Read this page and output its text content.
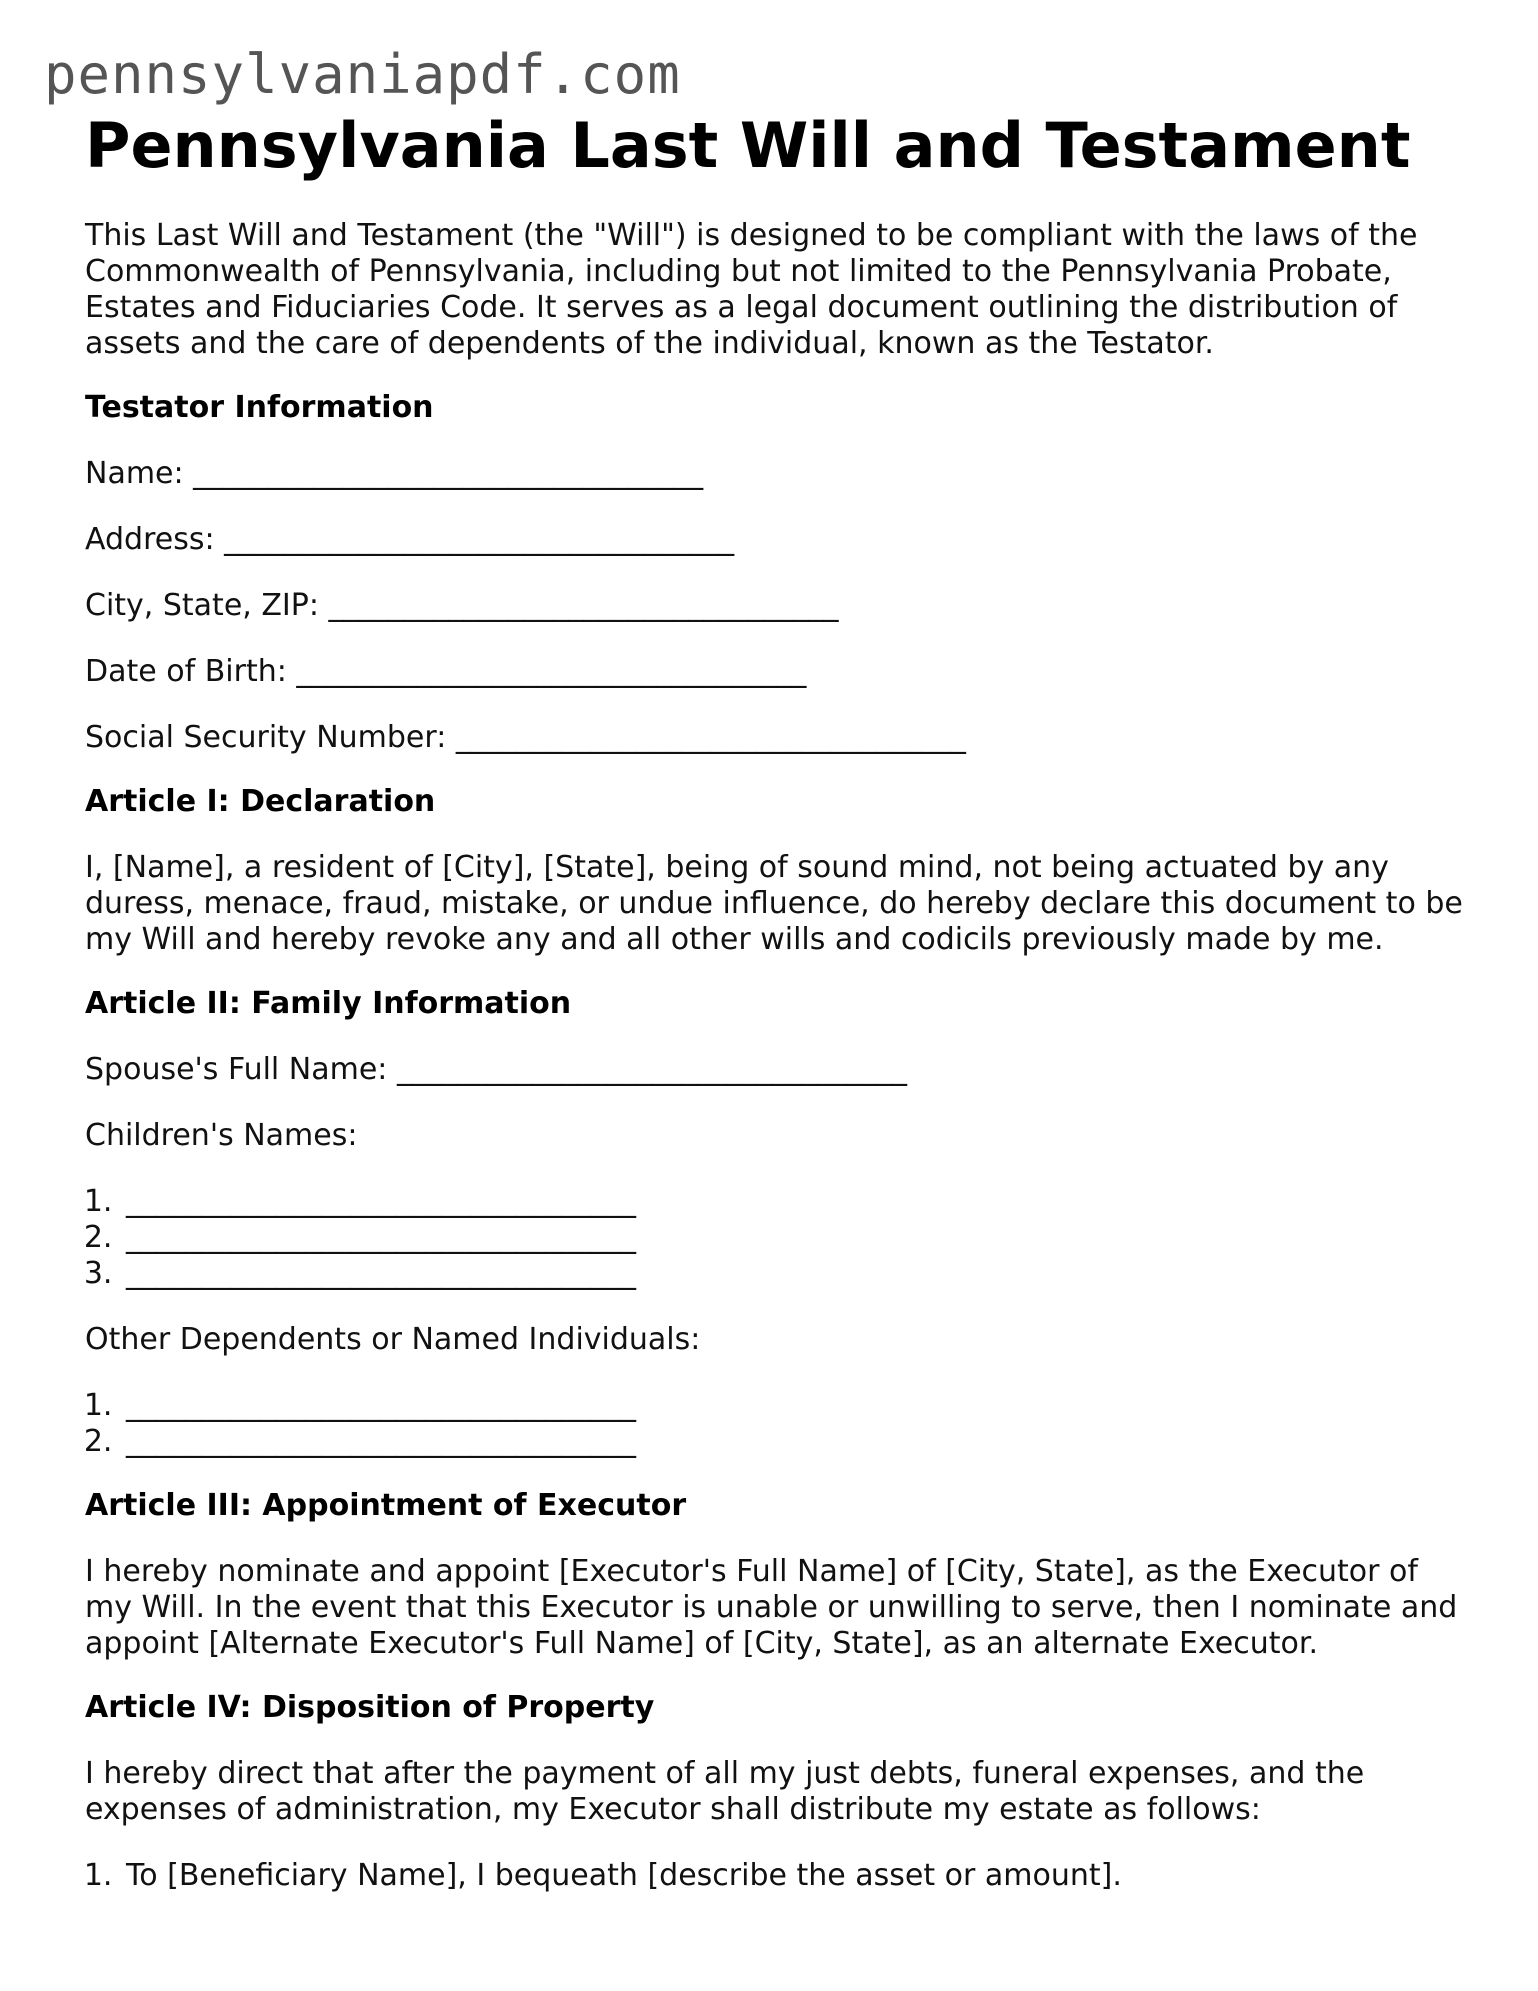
pennsylvaniapdf.com
Pennsylvania Last Will and Testament

This Last Will and Testament (the "Will") is designed to be compliant with the laws of the Commonwealth of Pennsylvania, including but not limited to the Pennsylvania Probate, Estates and Fiduciaries Code. It serves as a legal document outlining the distribution of assets and the care of dependents of the individual, known as the Testator.

Testator Information

Name: __________________________________

Address: __________________________________

City, State, ZIP: __________________________________

Date of Birth: __________________________________

Social Security Number: __________________________________

Article I: Declaration

I, [Name], a resident of [City], [State], being of sound mind, not being actuated by any duress, menace, fraud, mistake, or undue influence, do hereby declare this document to be my Will and hereby revoke any and all other wills and codicils previously made by me.

Article II: Family Information

Spouse's Full Name: __________________________________

Children's Names:

1. __________________________________
2. __________________________________
3. __________________________________

Other Dependents or Named Individuals:

1. __________________________________
2. __________________________________
Article III: Appointment of Executor

I hereby nominate and appoint [Executor's Full Name] of [City, State], as the Executor of my Will. In the event that this Executor is unable or unwilling to serve, then I nominate and appoint [Alternate Executor's Full Name] of [City, State], as an alternate Executor.

Article IV: Disposition of Property

I hereby direct that after the payment of all my just debts, funeral expenses, and the expenses of administration, my Executor shall distribute my estate as follows:

1. To [Beneficiary Name], I bequeath [describe the asset or amount].
